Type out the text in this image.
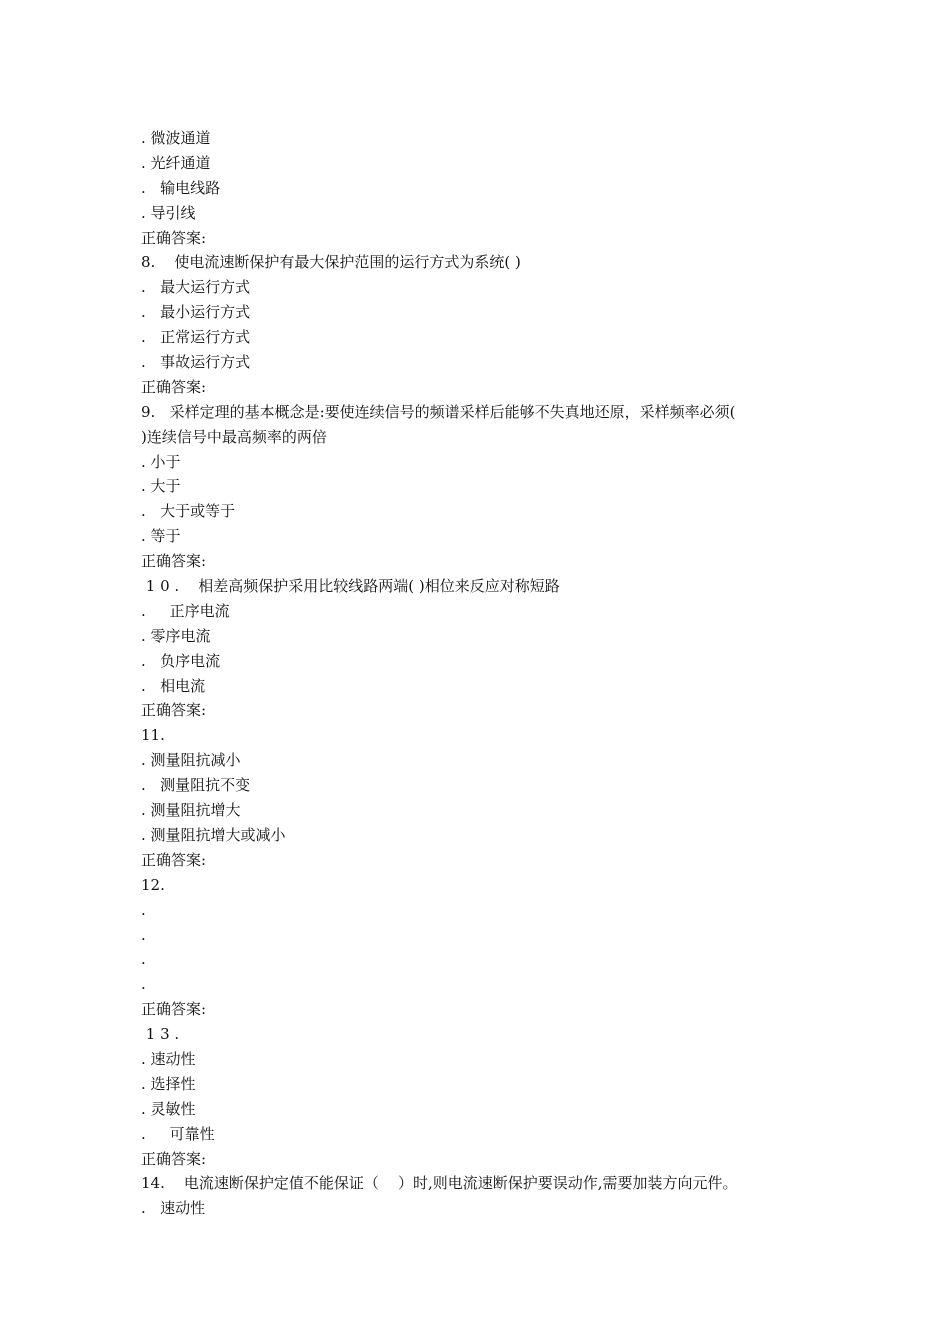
. 微波通道
. 光纤通道
.   输电线路
. 导引线
正确答案:
8.    使电流速断保护有最大保护范围的运行方式为系统( )
.   最大运行方式
.   最小运行方式
.   正常运行方式
.   事故运行方式
正确答案:
9.   采样定理的基本概念是:要使连续信号的频谱采样后能够不失真地还原，采样频率必须(
)连续信号中最高频率的两倍
. 小于
. 大于
.   大于或等于
. 等于
正确答案:
1 0 .    相差高频保护采用比较线路两端( )相位来反应对称短路
.     正序电流
. 零序电流
.   负序电流
.   相电流
正确答案:
11.
. 测量阻抗减小
.   测量阻抗不变
. 测量阻抗增大
. 测量阻抗增大或减小
正确答案:
12.
.
.
.
.
正确答案:
1 3 .
. 速动性
. 选择性
. 灵敏性
.     可靠性
正确答案:
14.    电流速断保护定值不能保证（    ）时,则电流速断保护要误动作,需要加装方向元件。
.   速动性
